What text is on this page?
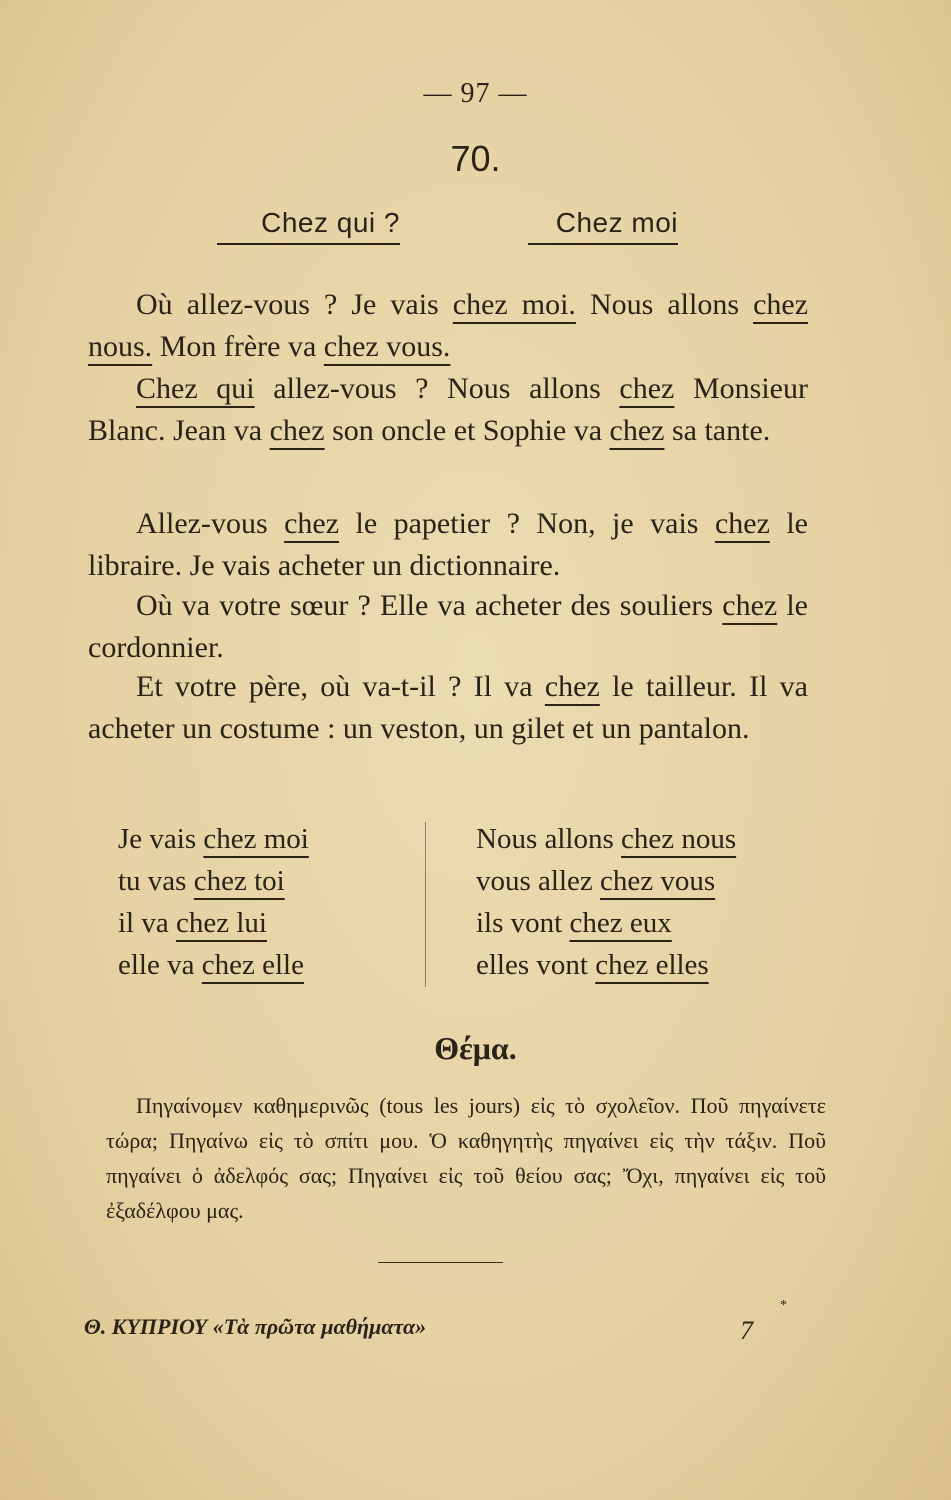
— 97 —
70.
Chez qui ?	Chez moi

Où allez-vous ? Je vais chez moi. Nous allons chez nous. Mon frère va chez vous.

Chez qui allez-vous ? Nous allons chez Monsieur Blanc. Jean va chez son oncle et Sophie va chez sa tante.

Allez-vous chez le papetier ? Non, je vais chez le libraire. Je vais acheter un dictionnaire.

Où va votre sœur ? Elle va acheter des souliers chez le cordonnier.

Et votre père, où va-t-il ? Il va chez le tailleur. Il va acheter un costume : un veston, un gilet et un pantalon.

Je vais chez moi
tu vas chez toi
il va chez lui
elle va chez elle
Nous allons chez nous
vous allez chez vous
ils vont chez eux
elles vont chez elles
Θέμα.

Πηγαίνομεν καθημερινῶς (tous les jours) εἰς τὸ σχολεῖον. Ποῦ πηγαίνετε τώρα; Πηγαίνω εἰς τὸ σπίτι μου. Ὁ καθηγητὴς πηγαίνει εἰς τὴν τάξιν. Ποῦ πηγαίνει ὁ ἀδελφός σας; Πηγαίνει εἰς τοῦ θείου σας; Ὄχι, πηγαίνει εἰς τοῦ ἐξαδέλφου μας.

Θ. ΚΥΠΡΙΟΥ «Τὰ πρῶτα μαθήματα»
*
7
